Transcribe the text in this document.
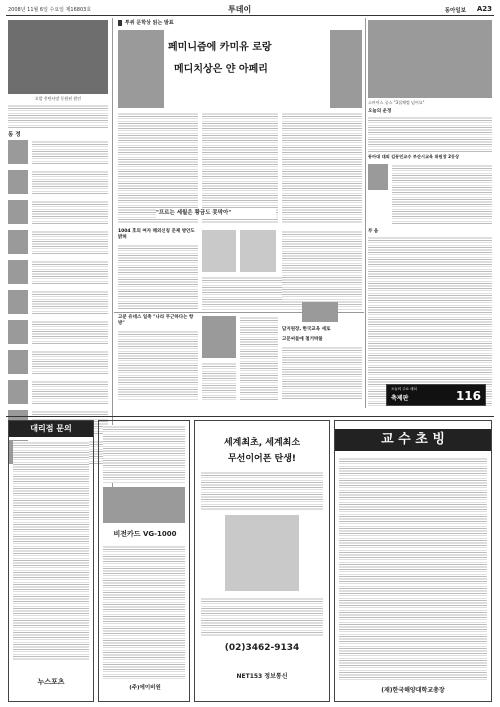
2008년 11월 6일 수요일 제16803호	투데이	동아일보 A23
오발 총탄사망 동원된 원인
동 정
투위 문학상 읽는 발표
페미니즘에 카미유 로랑
메디치상은 얀 아페리
"프르는 세월은 황금도 못막아"
1004 호의 여자 해외신칭 문제 방안도 밝혀
고분 유네스 일축 "나라 무근하다는 항방"
담지원장, 한국교육 세로
고문씨들에 철거박물
스마이스 공스 "3집체법 넘어요"
오늘의 운정
동아대 대외 김동민교수 부산시교육 위원장 2등상
부 음
오늘의 주요 매치
축제판	116
대리점 문의
누스포츠
비전카드 VG-1000
(주)에이비원
세계최초, 세계최소
무선이어폰 탄생!
(02)3462-9134
NET153 정보통신
교 수 초 빙
(재)한국해양대학교총장
